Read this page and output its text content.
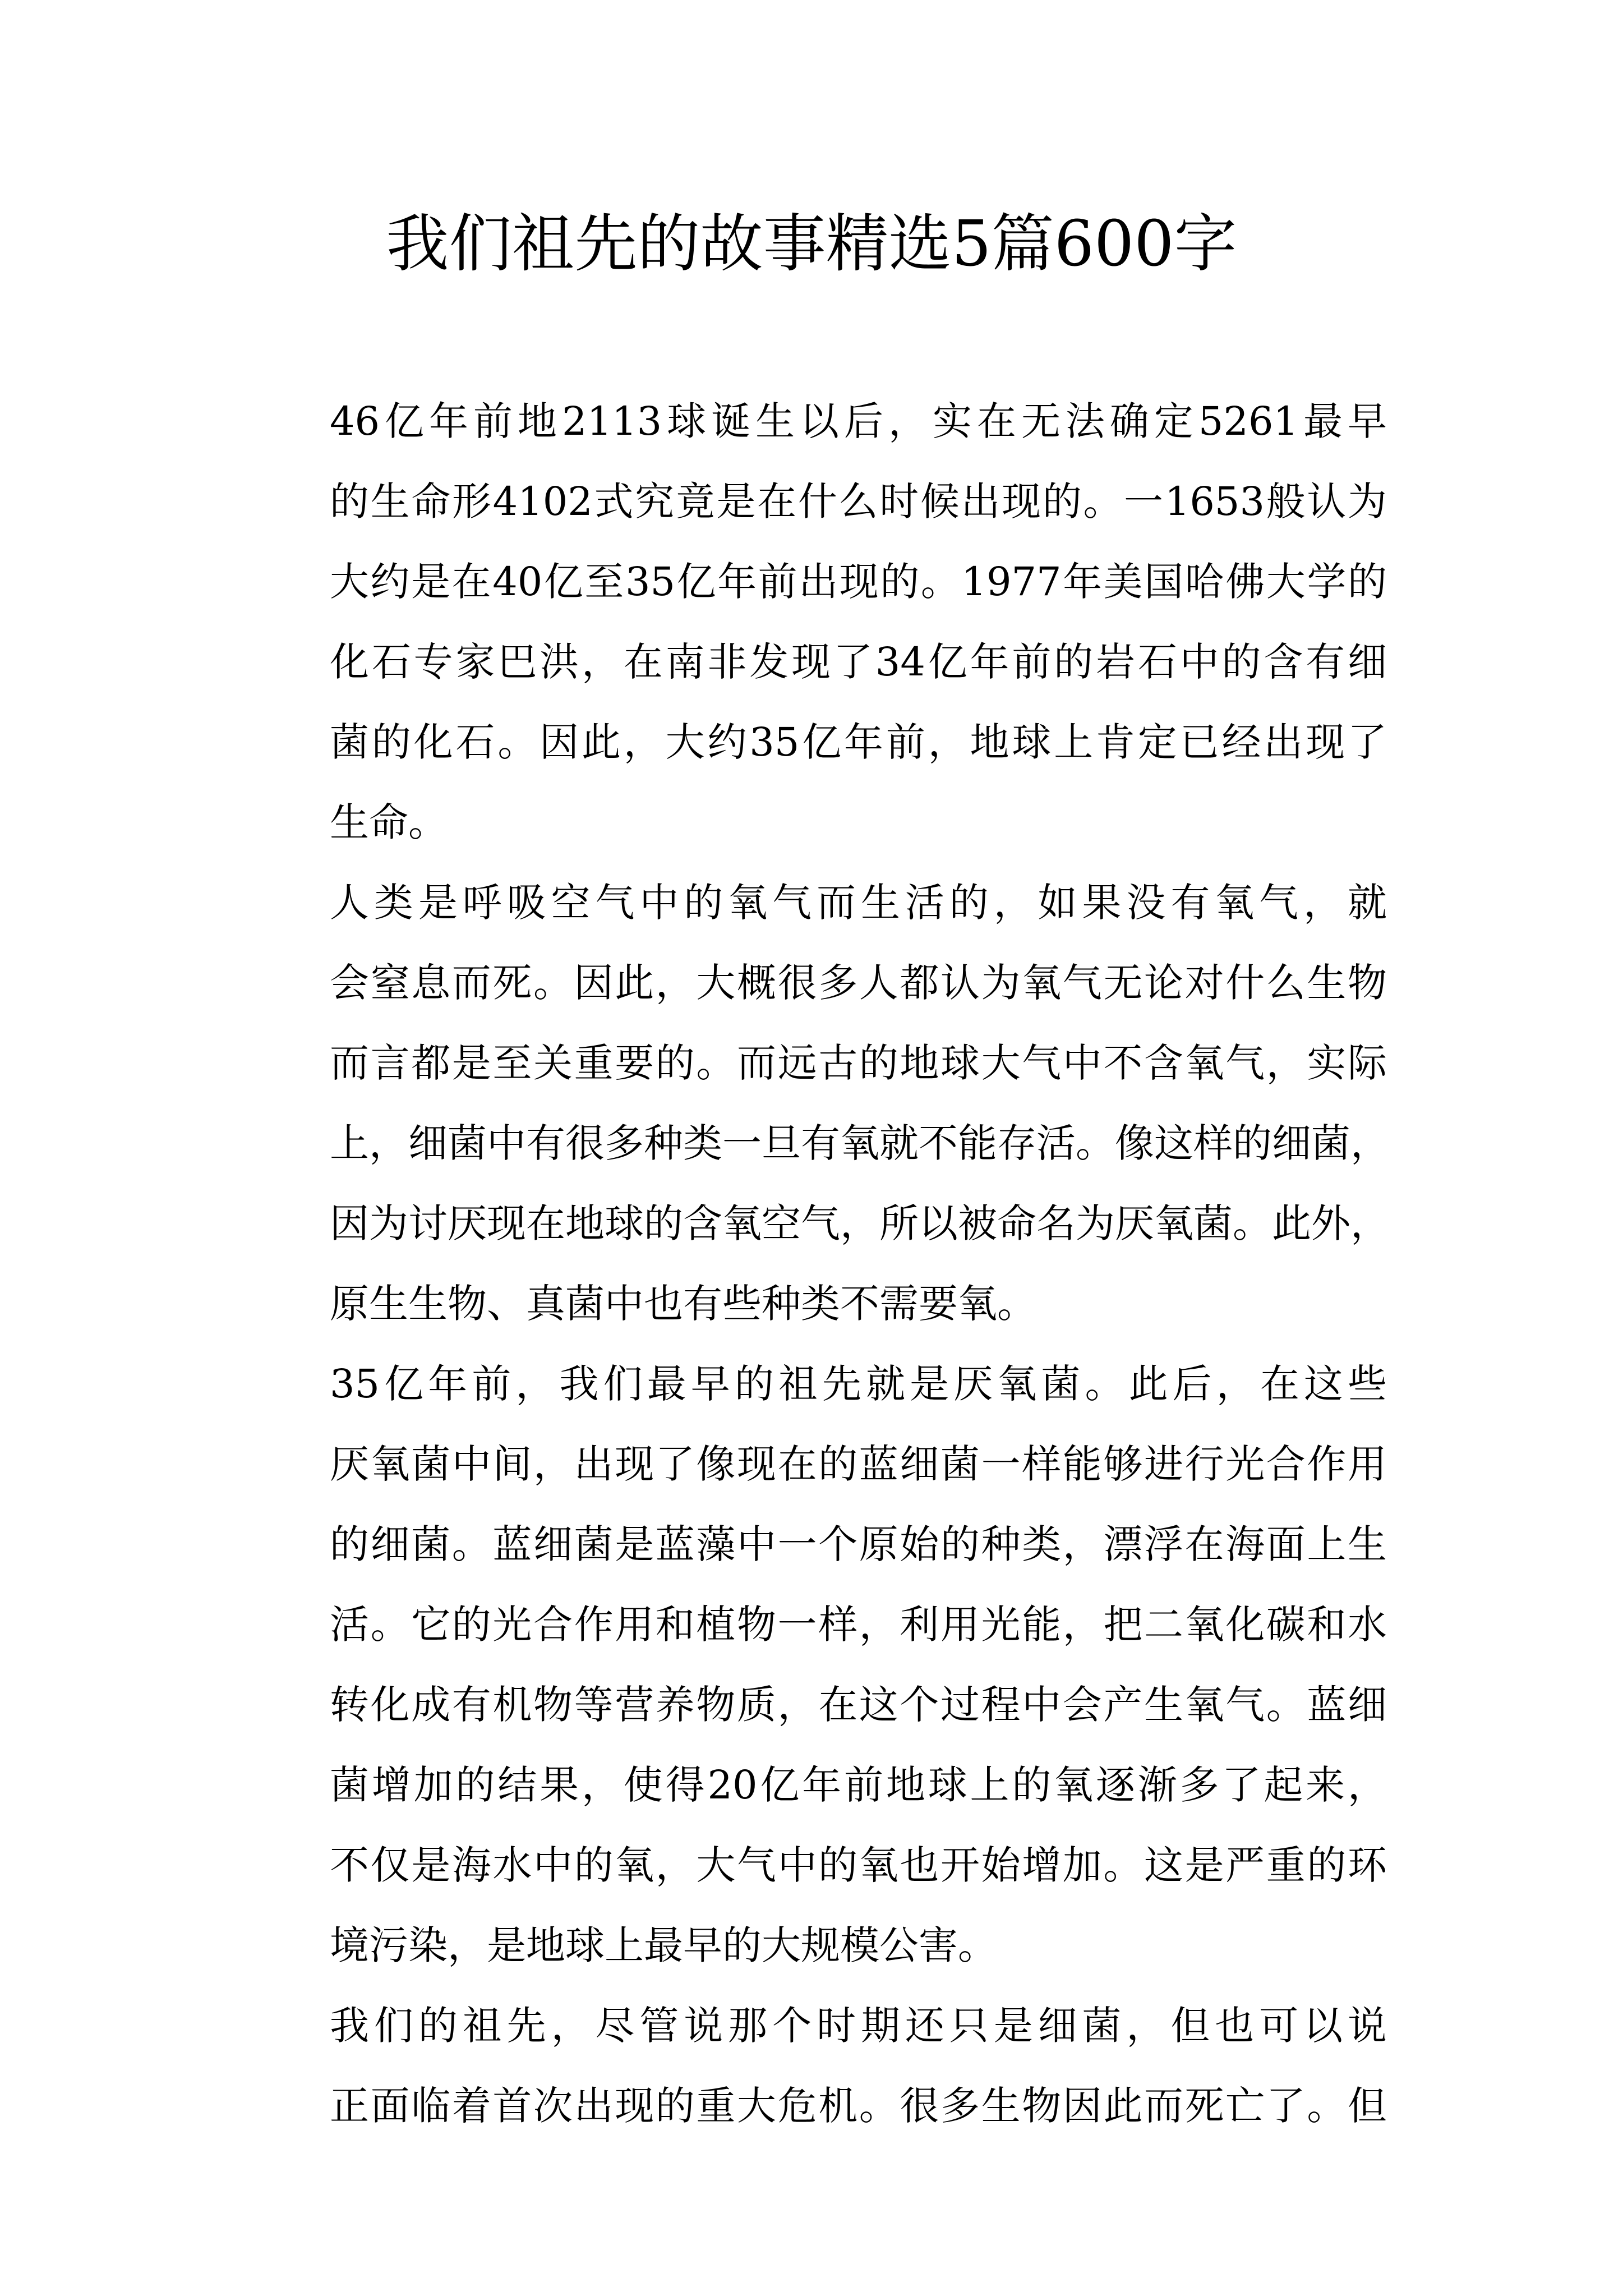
我们祖先的故事精选5篇600字

46亿年前地2113球诞生以后，实在无法确定5261最早
的生命形4102式究竟是在什么时候出现的。一1653般认为
大约是在40亿至35亿年前出现的。1977年美国哈佛大学的
化石专家巴洪，在南非发现了34亿年前的岩石中的含有细
菌的化石。因此，大约35亿年前，地球上肯定已经出现了
生命。

人类是呼吸空气中的氧气而生活的，如果没有氧气，就
会窒息而死。因此，大概很多人都认为氧气无论对什么生物
而言都是至关重要的。而远古的地球大气中不含氧气，实际
上，细菌中有很多种类一旦有氧就不能存活。像这样的细菌，
因为讨厌现在地球的含氧空气，所以被命名为厌氧菌。此外，
原生生物、真菌中也有些种类不需要氧。

35亿年前，我们最早的祖先就是厌氧菌。此后，在这些
厌氧菌中间，出现了像现在的蓝细菌一样能够进行光合作用
的细菌。蓝细菌是蓝藻中一个原始的种类，漂浮在海面上生
活。它的光合作用和植物一样，利用光能，把二氧化碳和水
转化成有机物等营养物质，在这个过程中会产生氧气。蓝细
菌增加的结果，使得20亿年前地球上的氧逐渐多了起来，
不仅是海水中的氧，大气中的氧也开始增加。这是严重的环
境污染，是地球上最早的大规模公害。

我们的祖先，尽管说那个时期还只是细菌，但也可以说
正面临着首次出现的重大危机。很多生物因此而死亡了。但
